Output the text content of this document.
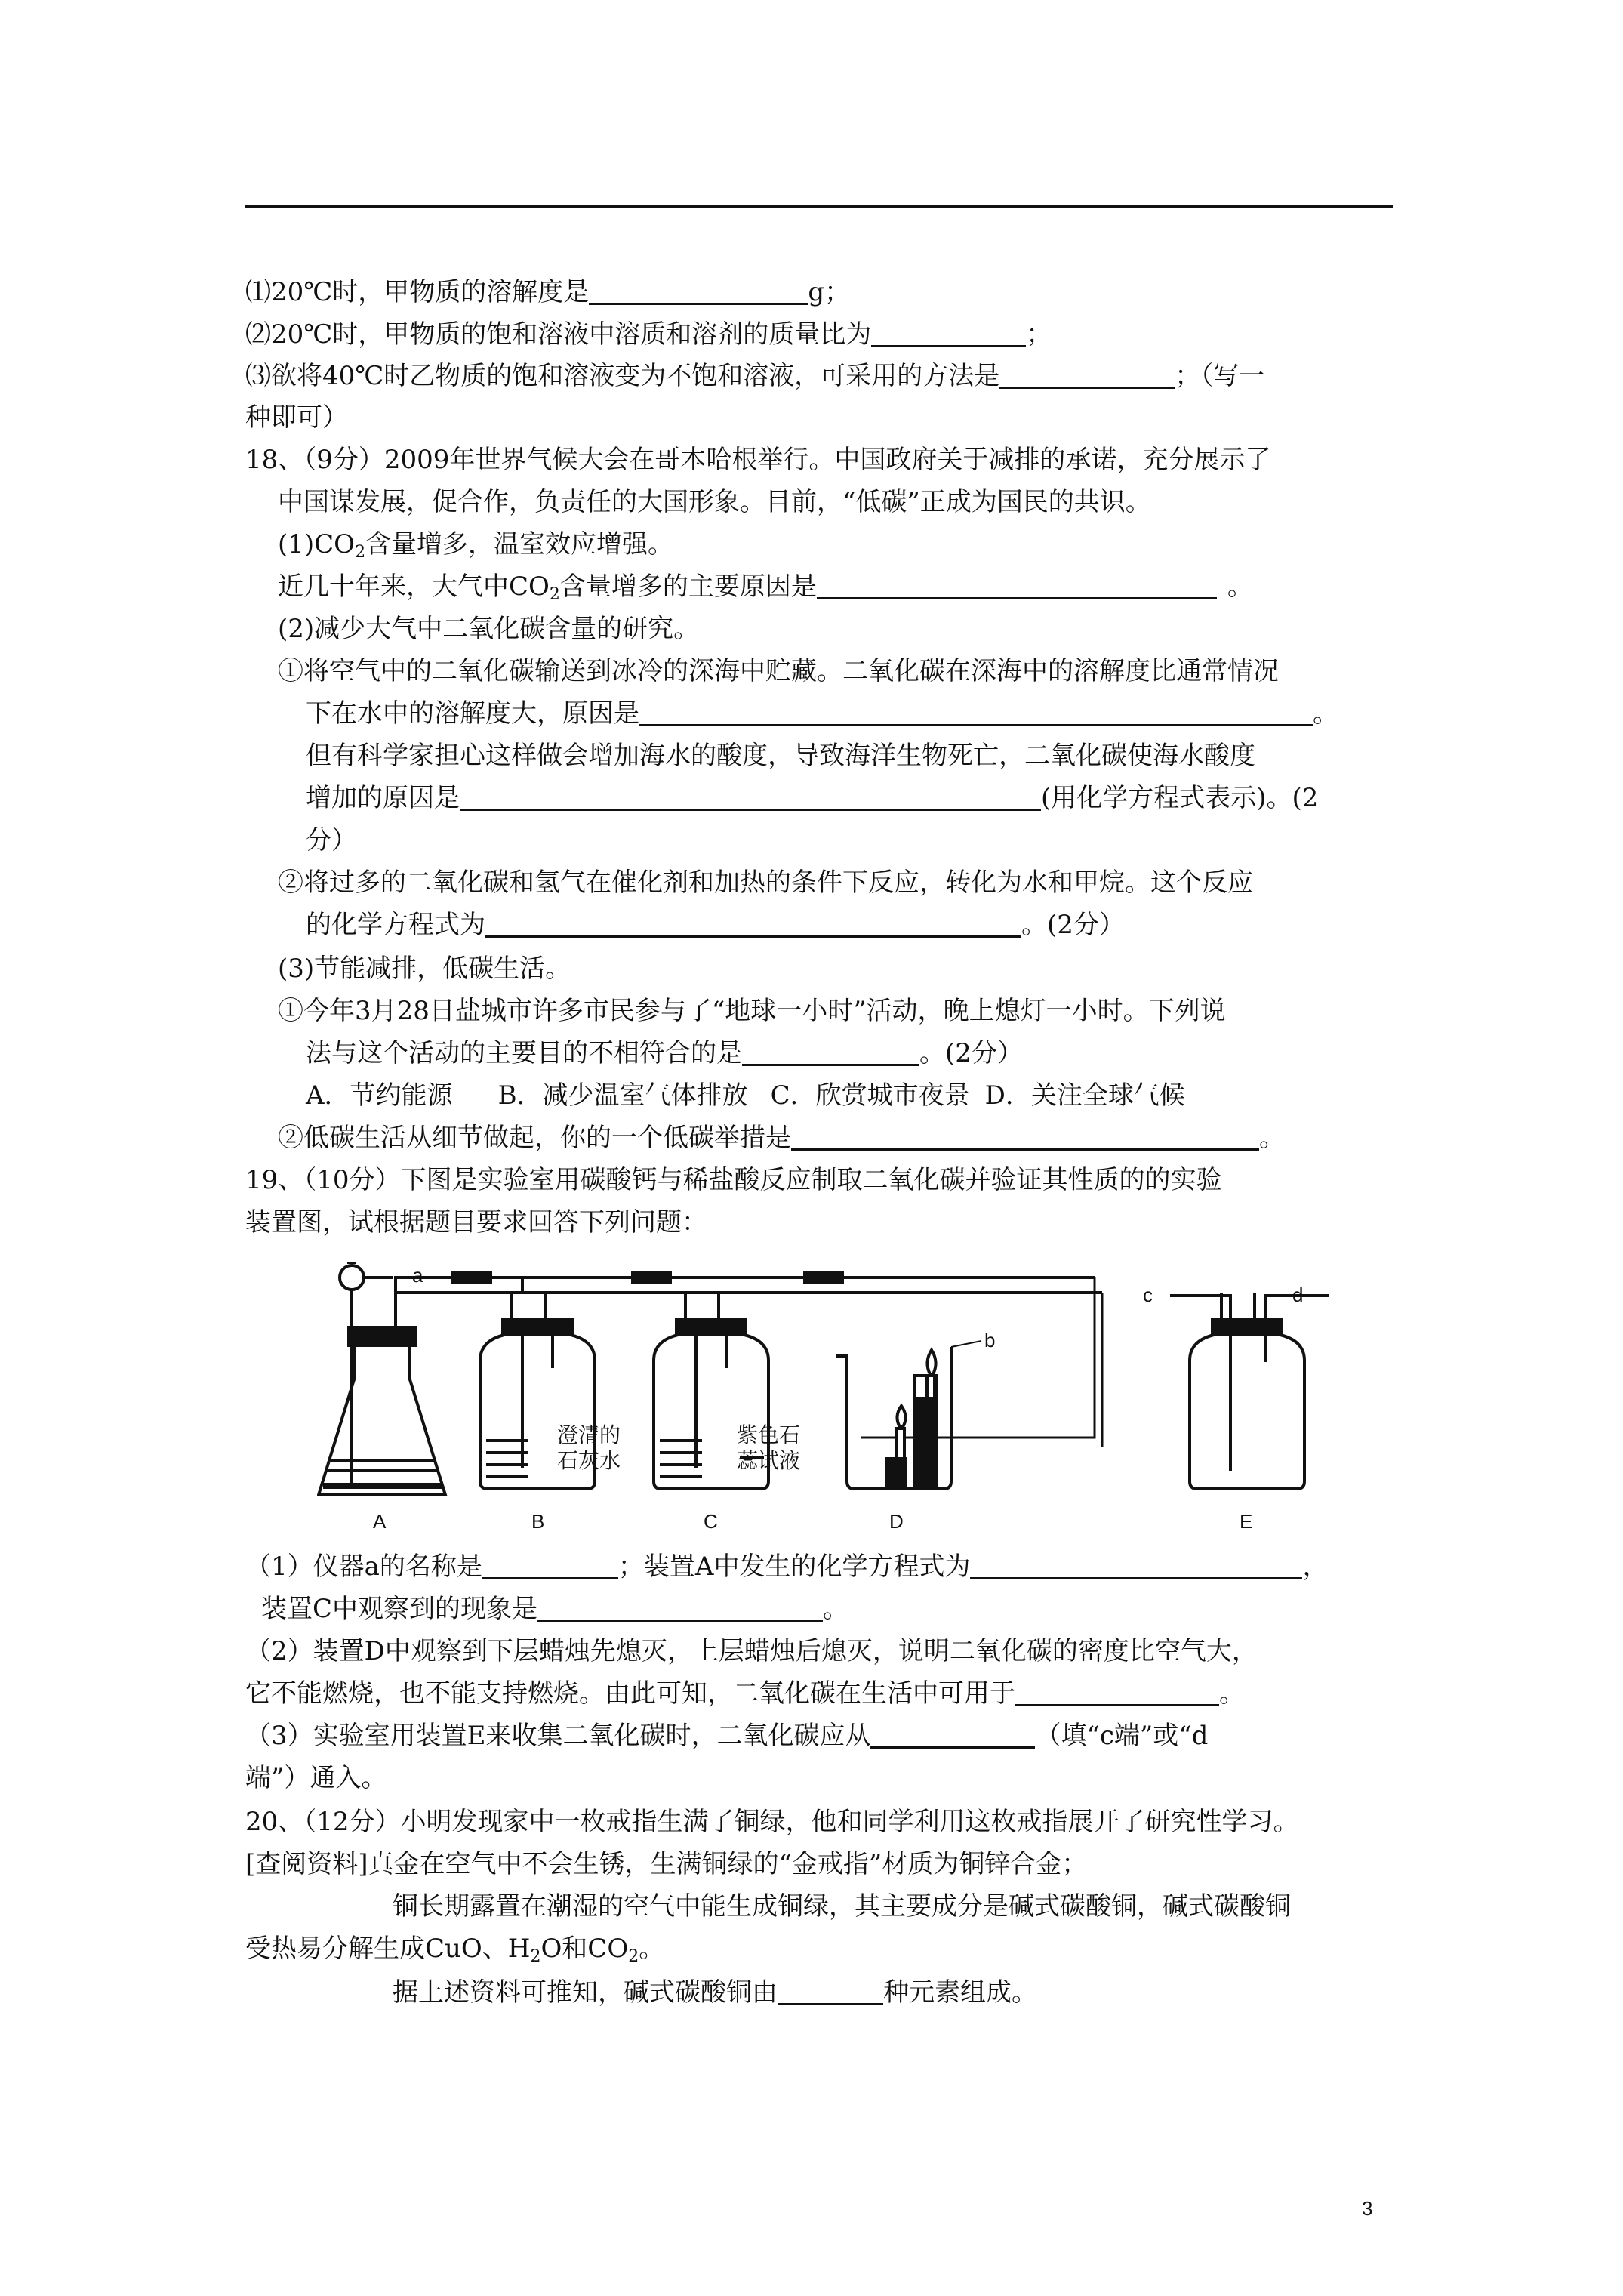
⑴20℃时，甲物质的溶解度是	g；
⑵20℃时，甲物质的饱和溶液中溶质和溶剂的质量比为	；
⑶欲将40℃时乙物质的饱和溶液变为不饱和溶液，可采用的方法是	；（写一
种即可）
18、（9分）2009年世界气候大会在哥本哈根举行。中国政府关于减排的承诺，充分展示了
中国谋发展，促合作，负责任的大国形象。目前，“低碳”正成为国民的共识。
$(1)CO_2$含量增多，温室效应增强。
近几十年来，大气中$CO_2$含量增多的主要原因是	。
(2)减少大气中二氧化碳含量的研究。
①将空气中的二氧化碳输送到冰冷的深海中贮藏。二氧化碳在深海中的溶解度比通常情况
下在水中的溶解度大，原因是	。
但有科学家担心这样做会增加海水的酸度，导致海洋生物死亡，二氧化碳使海水酸度
增加的原因是	(用化学方程式表示)。(2
分）
②将过多的二氧化碳和氢气在催化剂和加热的条件下反应，转化为水和甲烷。这个反应
的化学方程式为	。(2分）
(3)节能减排，低碳生活。
①今年3月28日盐城市许多市民参与了“地球一小时”活动，晚上熄灯一小时。下列说
法与这个活动的主要目的不相符合的是	。(2分）
A．节约能源 B．减少温室气体排放 C．欣赏城市夜景 D．关注全球气候
②低碳生活从细节做起，你的一个低碳举措是	。
19、（10分）下图是实验室用碳酸钙与稀盐酸反应制取二氧化碳并验证其性质的的实验
装置图，试根据题目要求回答下列问题：
a
A	B	C	D
b
c	d
E
澄清的
石灰水
紫色石
蕊试液
（1）仪器a的名称是	；装置A中发生的化学方程式为	，
装置C中观察到的现象是	。
（2）装置D中观察到下层蜡烛先熄灭，上层蜡烛后熄灭，说明二氧化碳的密度比空气大，
它不能燃烧，也不能支持燃烧。由此可知，二氧化碳在生活中可用于	。
（3）实验室用装置E来收集二氧化碳时，二氧化碳应从	（填“c端”或“d
端”）通入。
20、（12分）小明发现家中一枚戒指生满了铜绿，他和同学利用这枚戒指展开了研究性学习。
[查阅资料]真金在空气中不会生锈，生满铜绿的“金戒指”材质为铜锌合金；
铜长期露置在潮湿的空气中能生成铜绿，其主要成分是碱式碳酸铜，碱式碳酸铜
受热易分解生成CuO、$H_2O$和$CO_2$。
据上述资料可推知，碱式碳酸铜由	种元素组成。
3
